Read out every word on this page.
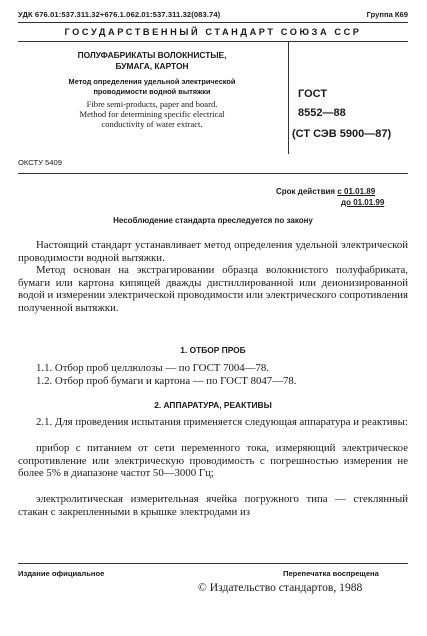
УДК 676.01:537.311.32+676.1.062.01:537.311.32(083.74)	Группа К69
ГОСУДАРСТВЕННЫЙ СТАНДАРТ СОЮЗА ССР
ПОЛУФАБРИКАТЫ ВОЛОКНИСТЫЕ,
БУМАГА, КАРТОН
Метод определения удельной электрической
проводимости водной вытяжки
Fibre semi-products, paper and board.
Method for determining specific electrical
conductivity of water extract.
ГОСТ
8552—88
(СТ СЭВ 5900—87)
ОКСТУ 5409
Срок действия с 01.01.89
до 01.01.99
Несоблюдение стандарта преследуется по закону

Настоящий стандарт устанавливает метод определения удельной электрической проводимости водной вытяжки.

Метод основан на экстрагировании образца волокнистого полуфабриката, бумаги или картона кипящей дважды дистиллированной или деионизированной водой и измерении электрической проводимости или электрического сопротивления полученной вытяжки.

1. ОТБОР ПРОБ

1.1. Отбор проб целлюлозы — по ГОСТ 7004—78.

1.2. Отбор проб бумаги и картона — по ГОСТ 8047—78.

2. АППАРАТУРА, РЕАКТИВЫ

2.1. Для проведения испытания применяется следующая аппаратура и реактивы:

прибор с питанием от сети переменного тока, измеряющий электрическое сопротивление или электрическую проводимость с погрешностью измерения не более 5% в диапазоне частот 50—3000 Гц;

электролитическая измерительная ячейка погружного типа — стеклянный стакан с закрепленными в крышке электродами из

Издание официальное	Перепечатка воспрещена
© Издательство стандартов, 1988
